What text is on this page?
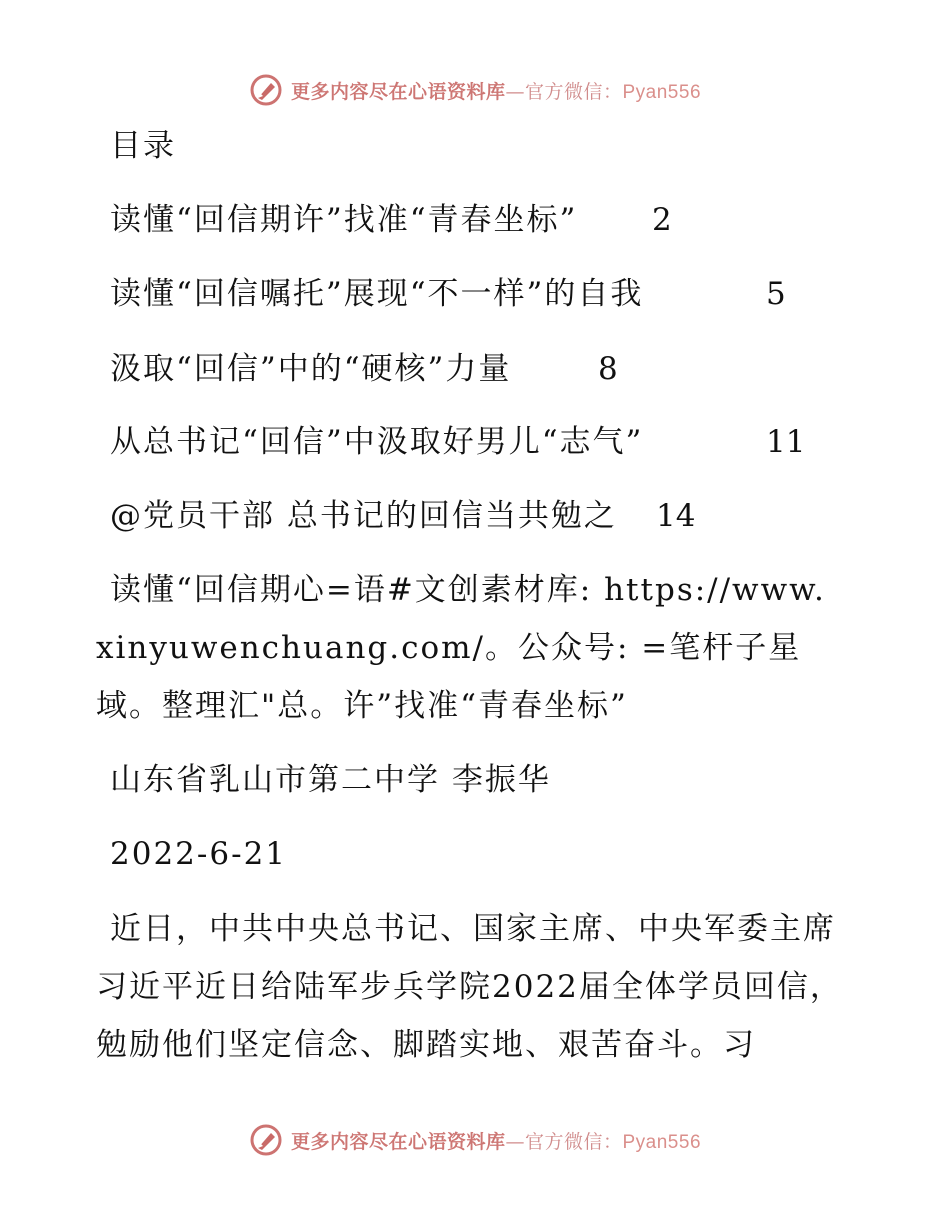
更多内容尽在心语资料库—官方微信：Pyan556
目录
读懂“回信期许”找准“青春坐标” 2
读懂“回信嘱托”展现“不一样”的自我	5
汲取“回信”中的“硬核”力量	8
从总书记“回信”中汲取好男儿“志气”	11
@党员干部 总书记的回信当共勉之 14
读懂“回信期心=语#文创素材库: https://www.xinyuwenchuang.com/。公众号: =笔杆子星域。整理汇"总。许”找准“青春坐标”
山东省乳山市第二中学 李振华
2022-6-21
近日，中共中央总书记、国家主席、中央军委主席习近平近日给陆军步兵学院2022届全体学员回信，勉励他们坚定信念、脚踏实地、艰苦奋斗。习
更多内容尽在心语资料库—官方微信：Pyan556
